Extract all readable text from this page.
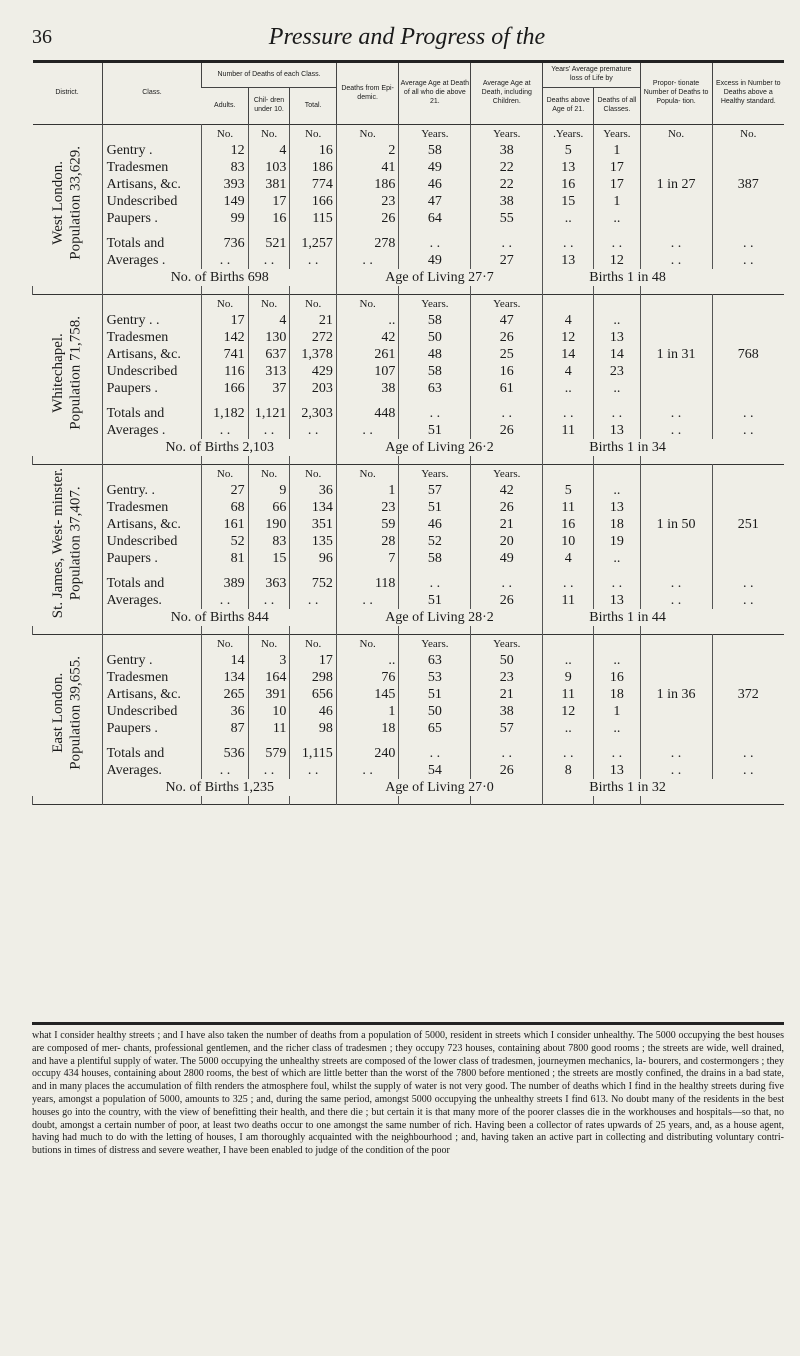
36	Pressure and Progress of the
District.	Class.	Number of Deaths of each Class.			Deaths from Epi- demic.	Average Age at Death of all who die above 21.	Average Age at Death, including Children.	Years' Average premature loss of Life by		Propor- tionate Number of Deaths to Popula- tion.	Excess in Number to Deaths above a Healthy standard.
		Adults.	Chil- dren under 10.	Total.				Deaths above Age of 21.	Deaths of all Classes.		
West London.
Population 33,629.		No.	No.	No.	No.	Years.	Years.	.Years.	Years.	No.	No.
	Gentry .	12	4	16	2	58	38	5	1	1 in 27	387
	Tradesmen	83	103	186	41	49	22	13	17		
	Artisans, &c.	393	381	774	186	46	22	16	17		
	Undescribed	149	17	166	23	47	38	15	1		
	Paupers .	99	16	115	26	64	55	..	..		

	Totals and	736	521	1,257	278	. .	. .	. .	. .	. .	. .
	Averages .	. .	. .	. .	. .	49	27	13	12	. .	. .
	No. of Births 698				Age of Living 27·7			Births 1 in 48			

Whitechapel.
Population 71,758.		No.	No.	No.	No.	Years.	Years.				
	Gentry . .	17	4	21	..	58	47	4	..	1 in 31	768
	Tradesmen	142	130	272	42	50	26	12	13		
	Artisans, &c.	741	637	1,378	261	48	25	14	14		
	Undescribed	116	313	429	107	58	16	4	23		
	Paupers .	166	37	203	38	63	61	..	..		

	Totals and	1,182	1,121	2,303	448	. .	. .	. .	. .	. .	. .
	Averages .	. .	. .	. .	. .	51	26	11	13	. .	. .
	No. of Births 2,103				Age of Living 26·2			Births 1 in 34			

St. James, West- minster.
Population 37,407.		No.	No.	No.	No.	Years.	Years.				
	Gentry. .	27	9	36	1	57	42	5	..	1 in 50	251
	Tradesmen	68	66	134	23	51	26	11	13		
	Artisans, &c.	161	190	351	59	46	21	16	18		
	Undescribed	52	83	135	28	52	20	10	19		
	Paupers .	81	15	96	7	58	49	4	..		

	Totals and	389	363	752	118	. .	. .	. .	. .	. .	. .
	Averages.	. .	. .	. .	. .	51	26	11	13	. .	. .
	No. of Births 844				Age of Living 28·2			Births 1 in 44			

East London.
Population 39,655.		No.	No.	No.	No.	Years.	Years.				
	Gentry .	14	3	17	..	63	50	..	..	1 in 36	372
	Tradesmen	134	164	298	76	53	23	9	16		
	Artisans, &c.	265	391	656	145	51	21	11	18		
	Undescribed	36	10	46	1	50	38	12	1		
	Paupers .	87	11	98	18	65	57	..	..		

	Totals and	536	579	1,115	240	. .	. .	. .	. .	. .	. .
	Averages.	. .	. .	. .	. .	54	26	8	13	. .	. .
	No. of Births 1,235				Age of Living 27·0			Births 1 in 32			

what I consider healthy streets ; and I have also taken the number of deaths from a population of 5000, resident in streets which I consider unhealthy. The 5000 occupying the best houses are composed of mer- chants, professional gentlemen, and the richer class of tradesmen ; they occupy 723 houses, containing about 7800 good rooms ; the streets are wide, well drained, and have a plentiful supply of water. The 5000 occupying the unhealthy streets are composed of the lower class of tradesmen, journeymen mechanics, la- bourers, and costermongers ; they occupy 434 houses, containing about 2800 rooms, the best of which are little better than the worst of the 7800 before mentioned ; the streets are mostly confined, the drains in a bad state, and in many places the accumulation of filth renders the atmosphere foul, whilst the supply of water is not very good. The number of deaths which I find in the healthy streets during five years, amongst a population of 5000, amounts to 325 ; and, during the same period, amongst 5000 occupying the unhealthy streets I find 613. No doubt many of the residents in the best houses go into the country, with the view of benefitting their health, and there die ; but certain it is that many more of the poorer classes die in the workhouses and hospitals—so that, no doubt, amongst a certain number of poor, at least two deaths occur to one amongst the same number of rich. Having been a collector of rates upwards of 25 years, and, as a house agent, having had much to do with the letting of houses, I am thoroughly acquainted with the neighbourhood ; and, having taken an active part in collecting and distributing voluntary contri- butions in times of distress and severe weather, I have been enabled to judge of the condition of the poor
